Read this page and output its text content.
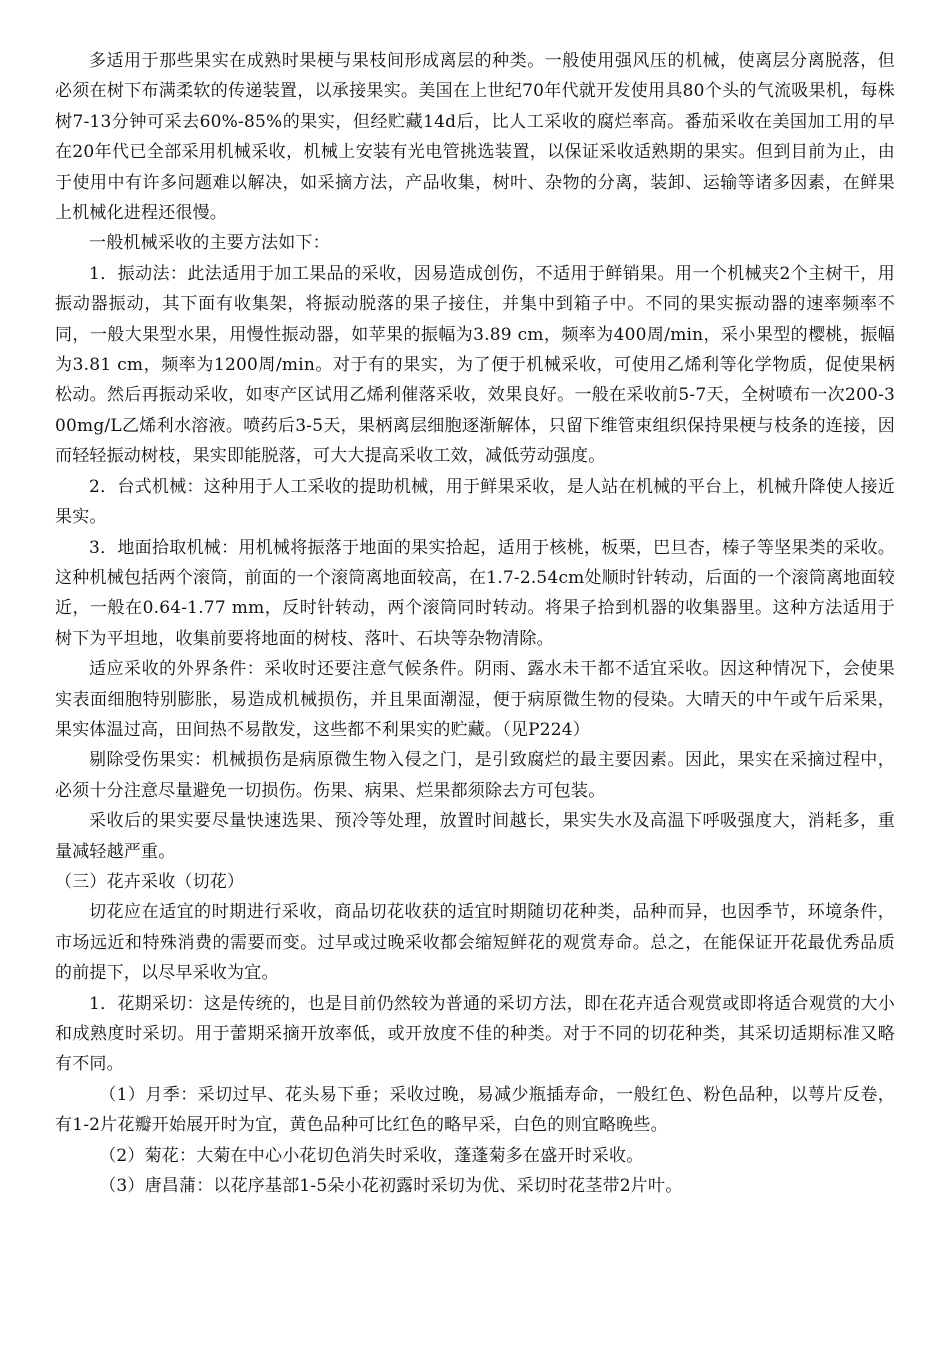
多适用于那些果实在成熟时果梗与果枝间形成离层的种类。一般使用强风压的机械，使离层分离脱落，但必须在树下布满柔软的传递装置，以承接果实。美国在上世纪70年代就开发使用具80个头的气流吸果机，每株树7-13分钟可采去60%-85%的果实，但经贮藏14d后，比人工采收的腐烂率高。番茄采收在美国加工用的早在20年代已全部采用机械采收，机械上安装有光电管挑选装置，以保证采收适熟期的果实。但到目前为止，由于使用中有许多问题难以解决，如采摘方法，产品收集，树叶、杂物的分离，装卸、运输等诸多因素，在鲜果上机械化进程还很慢。

一般机械采收的主要方法如下：

1．振动法：此法适用于加工果品的采收，因易造成创伤，不适用于鲜销果。用一个机械夹2个主树干，用振动器振动，其下面有收集架，将振动脱落的果子接住，并集中到箱子中。不同的果实振动器的速率频率不同，一般大果型水果，用慢性振动器，如苹果的振幅为3.89 cm，频率为400周/min，采小果型的樱桃，振幅为3.81 cm，频率为1200周/min。对于有的果实，为了便于机械采收，可使用乙烯利等化学物质，促使果柄松动。然后再振动采收，如枣产区试用乙烯利催落采收，效果良好。一般在采收前5-7天，全树喷布一次200-300mg/L乙烯利水溶液。喷药后3-5天，果柄离层细胞逐渐解体，只留下维管束组织保持果梗与枝条的连接，因而轻轻振动树枝，果实即能脱落，可大大提高采收工效，减低劳动强度。

2．台式机械：这种用于人工采收的提助机械，用于鲜果采收，是人站在机械的平台上，机械升降使人接近果实。

3．地面拾取机械：用机械将振落于地面的果实拾起，适用于核桃，板栗，巴旦杏，榛子等坚果类的采收。这种机械包括两个滚筒，前面的一个滚筒离地面较高，在1.7-2.54cm处顺时针转动，后面的一个滚筒离地面较近，一般在0.64-1.77 mm，反时针转动，两个滚筒同时转动。将果子拾到机器的收集器里。这种方法适用于树下为平坦地，收集前要将地面的树枝、落叶、石块等杂物清除。

适应采收的外界条件：采收时还要注意气候条件。阴雨、露水未干都不适宜采收。因这种情况下，会使果实表面细胞特别膨胀，易造成机械损伤，并且果面潮湿，便于病原微生物的侵染。大晴天的中午或午后采果，果实体温过高，田间热不易散发，这些都不利果实的贮藏。（见P224）

剔除受伤果实：机械损伤是病原微生物入侵之门，是引致腐烂的最主要因素。因此，果实在采摘过程中，必须十分注意尽量避免一切损伤。伤果、病果、烂果都须除去方可包装。

采收后的果实要尽量快速选果、预冷等处理，放置时间越长，果实失水及高温下呼吸强度大，消耗多，重量减轻越严重。

（三）花卉采收（切花）

切花应在适宜的时期进行采收，商品切花收获的适宜时期随切花种类，品种而异，也因季节，环境条件，市场远近和特殊消费的需要而变。过早或过晚采收都会缩短鲜花的观赏寿命。总之，在能保证开花最优秀品质的前提下，以尽早采收为宜。

1．花期采切：这是传统的，也是目前仍然较为普通的采切方法，即在花卉适合观赏或即将适合观赏的大小和成熟度时采切。用于蕾期采摘开放率低，或开放度不佳的种类。对于不同的切花种类，其采切适期标准又略有不同。

（1）月季：采切过早、花头易下垂；采收过晚，易减少瓶插寿命，一般红色、粉色品种，以萼片反卷，有1-2片花瓣开始展开时为宜，黄色品种可比红色的略早采，白色的则宜略晚些。

（2）菊花：大菊在中心小花切色消失时采收，蓬蓬菊多在盛开时采收。

（3）唐昌蒲：以花序基部1-5朵小花初露时采切为优、采切时花茎带2片叶。
